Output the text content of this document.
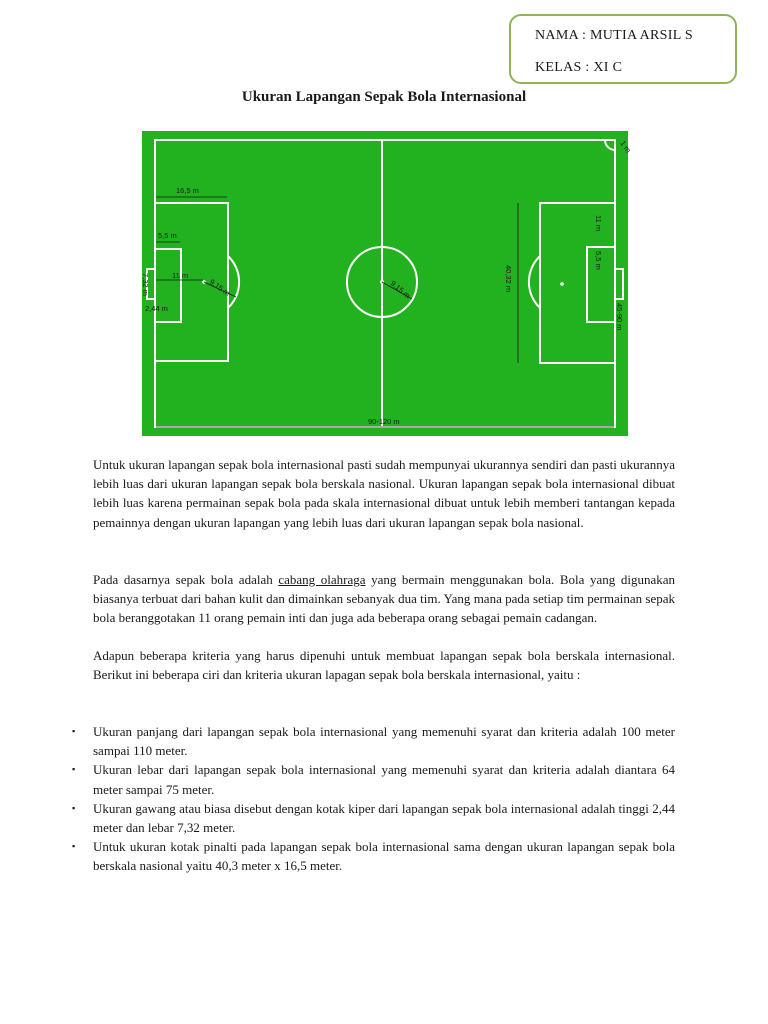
NAMA : MUTIA ARSIL S
KELAS : XI C
Ukuran Lapangan Sepak Bola Internasional
16,5 m
5,5 m
11 m
9,15 m
7,32 m
2,44 m
9,15 m	40,32 m
11 m
5,5 m
1 m
45-90 m
90-120 m

Untuk ukuran lapangan sepak bola internasional pasti sudah mempunyai ukurannya sendiri dan pasti ukurannya lebih luas dari ukuran lapangan sepak bola berskala nasional. Ukuran lapangan sepak bola internasional dibuat lebih luas karena permainan sepak bola pada skala internasional dibuat untuk lebih memberi tantangan kepada pemainnya dengan ukuran lapangan yang lebih luas dari ukuran lapangan sepak bola nasional.

Pada dasarnya sepak bola adalah cabang olahraga yang bermain menggunakan bola. Bola yang digunakan biasanya terbuat dari bahan kulit dan dimainkan sebanyak dua tim. Yang mana pada setiap tim permainan sepak bola beranggotakan 11 orang pemain inti dan juga ada beberapa orang sebagai pemain cadangan.

Adapun beberapa kriteria yang harus dipenuhi untuk membuat lapangan sepak bola berskala internasional. Berikut ini beberapa ciri dan kriteria ukuran lapagan sepak bola berskala internasional, yaitu :

▪ Ukuran panjang dari lapangan sepak bola internasional yang memenuhi syarat dan kriteria adalah 100 meter sampai 110 meter.
▪ Ukuran lebar dari lapangan sepak bola internasional yang memenuhi syarat dan kriteria adalah diantara 64 meter sampai 75 meter.
▪ Ukuran gawang atau biasa disebut dengan kotak kiper dari lapangan sepak bola internasional adalah tinggi 2,44 meter dan lebar 7,32 meter.
▪ Untuk ukuran kotak pinalti pada lapangan sepak bola internasional sama dengan ukuran lapangan sepak bola berskala nasional yaitu 40,3 meter x 16,5 meter.
